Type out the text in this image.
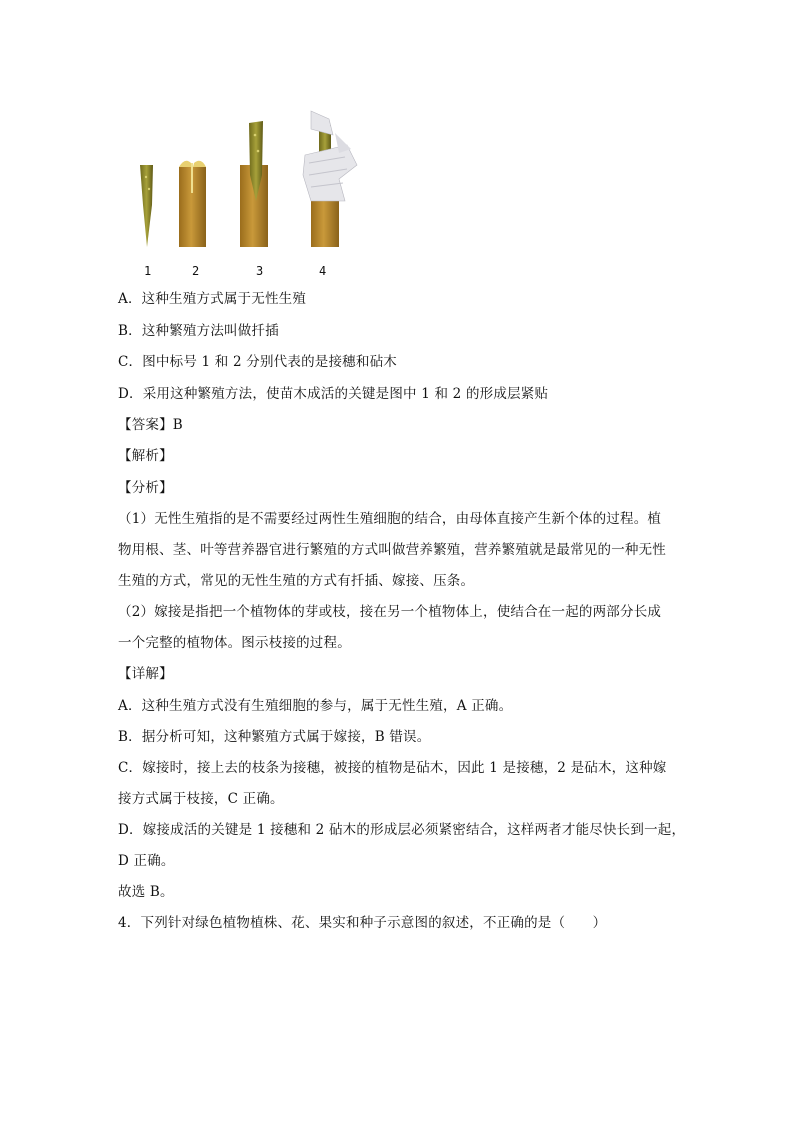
1	2	3	4
A．这种生殖方式属于无性生殖
B．这种繁殖方法叫做扦插
C．图中标号 1 和 2 分别代表的是接穗和砧木
D．采用这种繁殖方法，使苗木成活的关键是图中 1 和 2 的形成层紧贴
【答案】B
【解析】
【分析】
（1）无性生殖指的是不需要经过两性生殖细胞的结合，由母体直接产生新个体的过程。植
物用根、茎、叶等营养器官进行繁殖的方式叫做营养繁殖，营养繁殖就是最常见的一种无性
生殖的方式，常见的无性生殖的方式有扦插、嫁接、压条。
（2）嫁接是指把一个植物体的芽或枝，接在另一个植物体上，使结合在一起的两部分长成
一个完整的植物体。图示枝接的过程。
【详解】
A．这种生殖方式没有生殖细胞的参与，属于无性生殖，A 正确。
B．据分析可知，这种繁殖方式属于嫁接，B 错误。
C．嫁接时，接上去的枝条为接穗，被接的植物是砧木，因此 1 是接穗，2 是砧木，这种嫁
接方式属于枝接，C 正确。
D．嫁接成活的关键是 1 接穗和 2 砧木的形成层必须紧密结合，这样两者才能尽快长到一起，
D 正确。
故选 B。
4．下列针对绿色植物植株、花、果实和种子示意图的叙述，不正确的是（　　）
